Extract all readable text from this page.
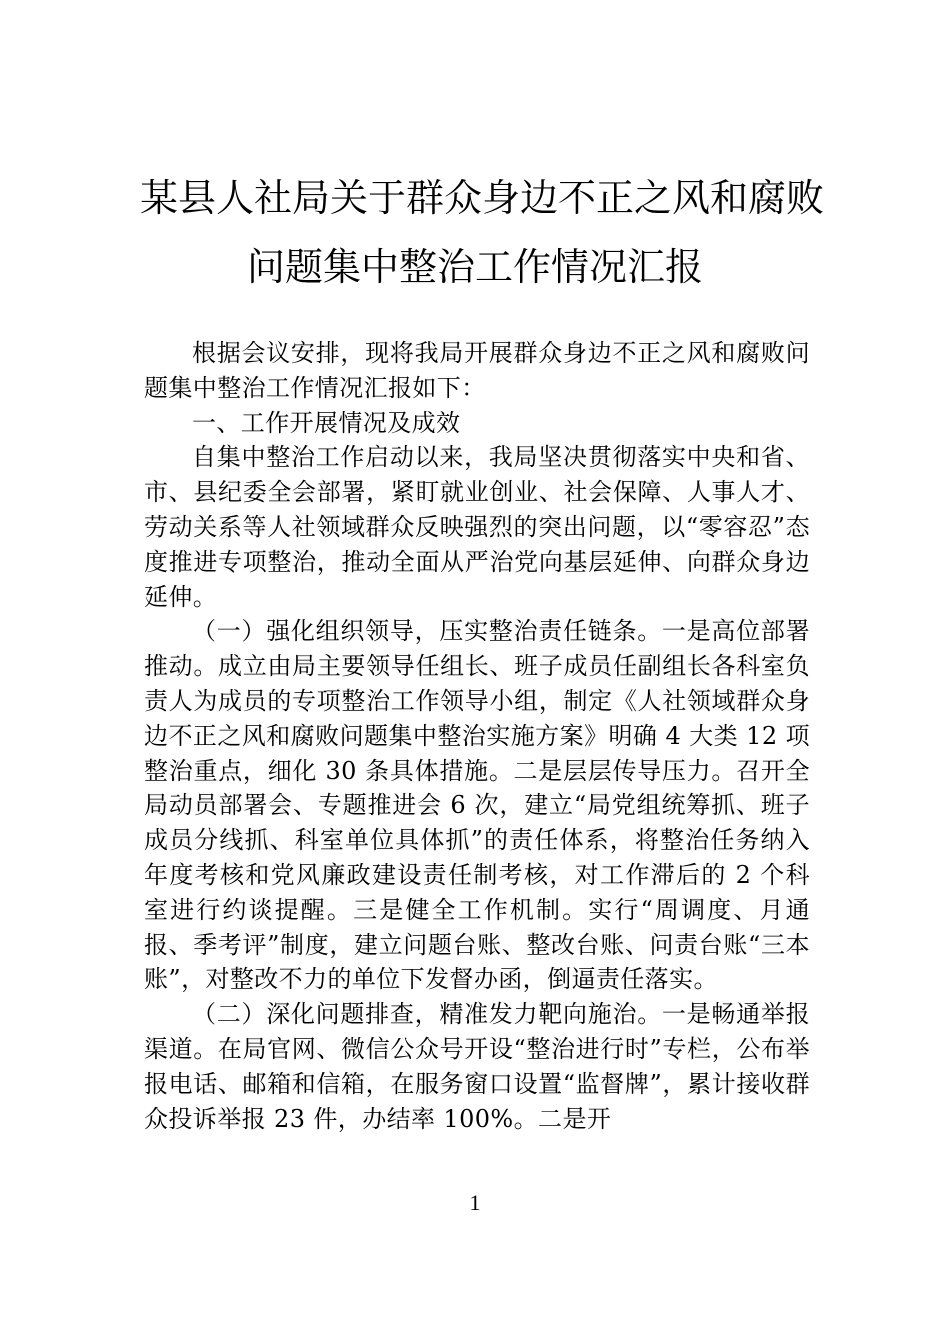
某县人社局关于群众身边不正之风和腐败
问题集中整治工作情况汇报

根据会议安排，现将我局开展群众身边不正之风和腐败问题集中整治工作情况汇报如下：

一、工作开展情况及成效

自集中整治工作启动以来，我局坚决贯彻落实中央和省、市、县纪委全会部署，紧盯就业创业、社会保障、人事人才、劳动关系等人社领域群众反映强烈的突出问题，以“零容忍”态度推进专项整治，推动全面从严治党向基层延伸、向群众身边延伸。

（一）强化组织领导，压实整治责任链条。一是高位部署推动。成立由局主要领导任组长、班子成员任副组长各科室负责人为成员的专项整治工作领导小组，制定《人社领域群众身边不正之风和腐败问题集中整治实施方案》明确 4 大类 12 项整治重点，细化 30 条具体措施。二是层层传导压力。召开全局动员部署会、专题推进会 6 次，建立“局党组统筹抓、班子成员分线抓、科室单位具体抓”的责任体系，将整治任务纳入年度考核和党风廉政建设责任制考核，对工作滞后的 2 个科室进行约谈提醒。三是健全工作机制。实行“周调度、月通报、季考评”制度，建立问题台账、整改台账、问责台账“三本账”，对整改不力的单位下发督办函，倒逼责任落实。

（二）深化问题排查，精准发力靶向施治。一是畅通举报渠道。在局官网、微信公众号开设“整治进行时”专栏，公布举报电话、邮箱和信箱，在服务窗口设置“监督牌”，累计接收群众投诉举报 23 件，办结率 100%。二是开

1
